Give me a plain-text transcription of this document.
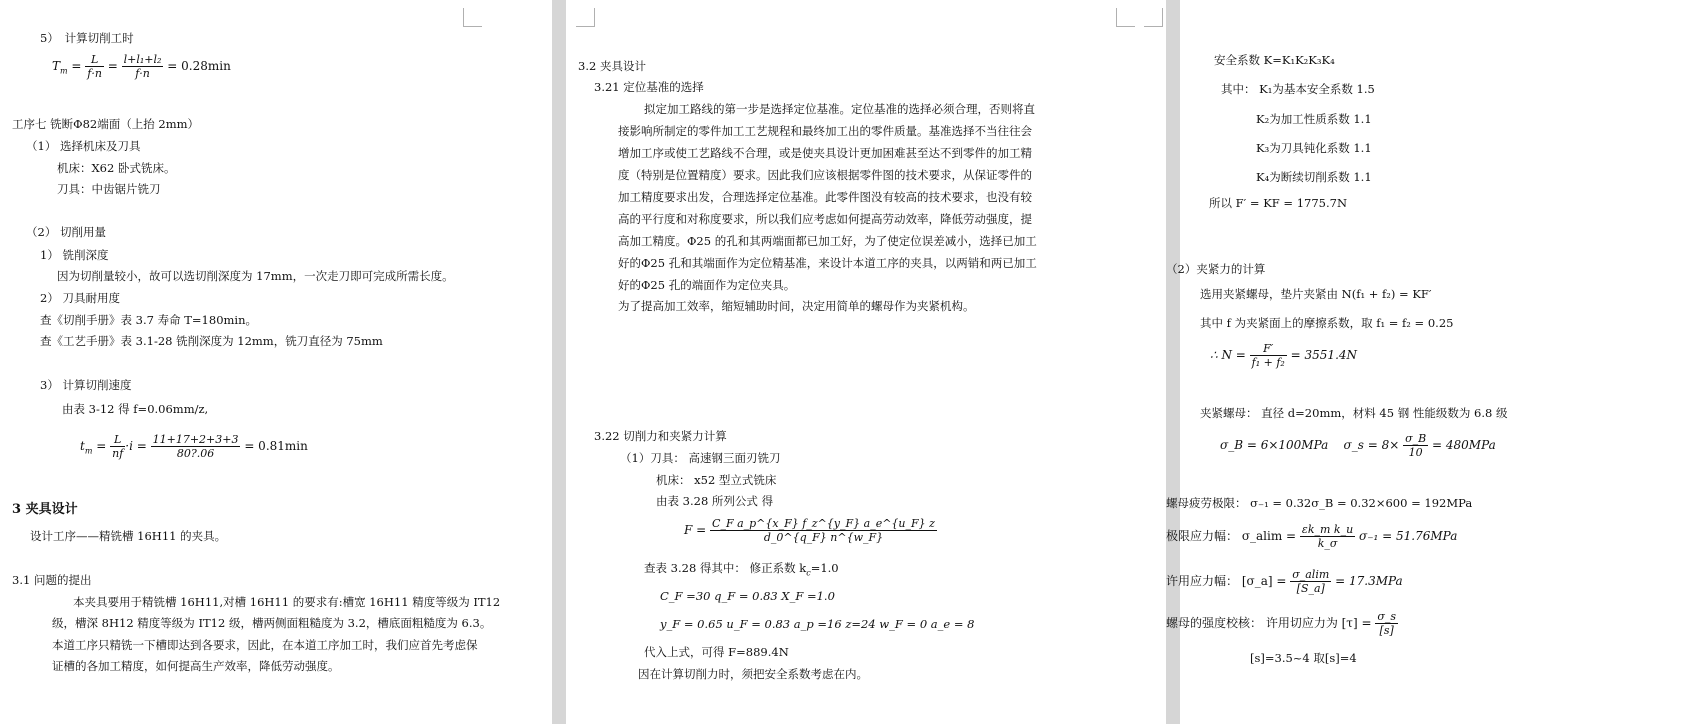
5）　计算切削工时
$T_m = \frac{L}{f\cdot n} = \frac{\text{l+l₁+l₂}}{f\cdot n} = 0.28\min$
工序七 铣断Φ82端面（上抬 2mm）
（1） 选择机床及刀具
机床：X62 卧式铣床。
刀具：中齿锯片铣刀
（2） 切削用量
1） 铣削深度
因为切削量较小，故可以选切削深度为 17mm，一次走刀即可完成所需长度。
2） 刀具耐用度
查《切削手册》表 3.7 寿命 T=180min。
查《工艺手册》表 3.1-28 铣削深度为 12mm，铣刀直径为 75mm
3） 计算切削速度
由表 3-12 得 f=0.06mm/z,
$t_m = \frac{L}{nf} \cdot i = \frac{11+17+2+3+3}{80?.06} = 0.81\min$
3 夹具设计
设计工序——精铣槽 16H11 的夹具。
3.1 问题的提出
本夹具要用于精铣槽 16H11,对槽 16H11 的要求有:槽宽 16H11 精度等级为 IT12
级，槽深 8H12 精度等级为 IT12 级，槽两侧面粗糙度为 3.2，槽底面粗糙度为 6.3。
本道工序只精铣一下槽即达到各要求，因此，在本道工序加工时，我们应首先考虑保
证槽的各加工精度，如何提高生产效率，降低劳动强度。
3.2 夹具设计
3.21 定位基准的选择
拟定加工路线的第一步是选择定位基准。定位基准的选择必须合理，否则将直
接影响所制定的零件加工工艺规程和最终加工出的零件质量。基准选择不当往往会
增加工序或使工艺路线不合理，或是使夹具设计更加困难甚至达不到零件的加工精
度（特别是位置精度）要求。因此我们应该根据零件图的技术要求，从保证零件的
加工精度要求出发，合理选择定位基准。此零件图没有较高的技术要求，也没有较
高的平行度和对称度要求，所以我们应考虑如何提高劳动效率，降低劳动强度，提
高加工精度。Φ25 的孔和其两端面都已加工好，为了使定位误差减小，选择已加工
好的Φ25 孔和其端面作为定位精基准，来设计本道工序的夹具，以两销和两已加工
好的Φ25 孔的端面作为定位夹具。
为了提高加工效率，缩短辅助时间，决定用简单的螺母作为夹紧机构。
3.22 切削力和夹紧力计算
（1）刀具： 高速钢三面刃铣刀
机床： x52 型立式铣床
由表 3.28 所列公式 得
$F = \frac{\text{C\_F a\_p\textasciicircum{}\{x\_F\} f\_z\textasciicircum{}\{y\_F\} a\_e\textasciicircum{}\{u\_F\} z}}{d\_0\^{}\{q\_F\} n\^{}\{w\_F\}}$
查表 3.28 得其中： 修正系数 $k_c=1.0$
C_F =30 q_F = 0.83 X_F =1.0
y_F = 0.65 u_F = 0.83 a_p =16 z=24 w_F = 0 a_e = 8
代入上式，可得 F=889.4N
因在计算切削力时，须把安全系数考虑在内。
安全系数 K=K₁K₂K₃K₄
其中： K₁为基本安全系数 1.5
K₂为加工性质系数 1.1
K₃为刀具钝化系数 1.1
K₄为断续切削系数 1.1
所以 F′ = KF = 1775.7N
（2）夹紧力的计算
选用夹紧螺母，垫片夹紧由 N(f₁ + f₂) = KF′
其中 f 为夹紧面上的摩擦系数，取 f₁ = f₂ = 0.25
∴ $N = \frac{F'}{\text{f₁ + f₂}} = 3551.4N$
夹紧螺母： 直径 d=20mm，材料 45 钢 性能级数为 6.8 级
σ_B = 6×100MPa σ_s = $8\times \frac{\sigma\_B}{10} = 480MPa$
螺母疲劳极限： σ₋₁ = 0.32σ_B = 0.32×600 = 192MPa
极限应力幅： σ_alim = $\frac{\text{εk\_m k\_u}}{k\_\sigma} \sigma_{-1} = 51.76MPa$
许用应力幅： [σ_a] = $\frac{\sigma\_alim}{[S\_a]} = 17.3MPa$
螺母的强度校核： 许用切应力为 $[\tau] = \frac{\sigma\_s}{[s]}$
[s]=3.5~4 取[s]=4
